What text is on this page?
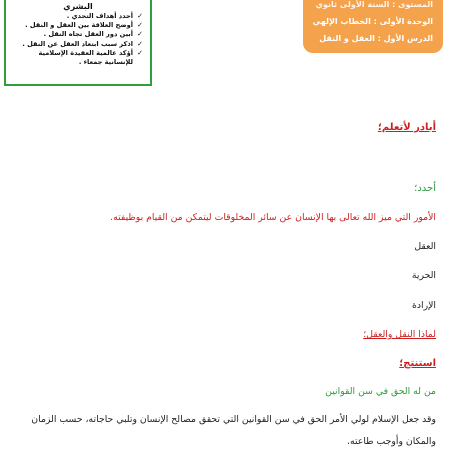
البشري
✓
أحدد أهداف التحدي .
✓
أوضح العلاقة بين العقل و النقل .
✓
أبين دور العقل تجاه النقل .
✓
اذكر سبب ابتعاد العقل عن النقل .
✓
أؤكد عالمية العقيدة الإسلامية
للإنسانية جمعاء .
المستوى : السنة الأولى ثانوي
الوحدة الأولى : الخطاب الإلهي
الدرس الأول : العقل و النقل
أبادر لأتعلم؛
أحدد؛
الأمور التي ميز الله تعالى بها الإنسان عن سائر المخلوقات ليتمكن من القيام بوظيفته.
العقل
الحرية
الإرادة
لماذا النقل والعقل؛
استنتج؛
من له الحق في سن القوانين
وقد جعل الإسلام لولي الأمر الحق في سن القوانين التي تحقق مصالح الإنسان وتلبي حاجاته، حسب الزمان
والمكان وأوجب طاعته.
